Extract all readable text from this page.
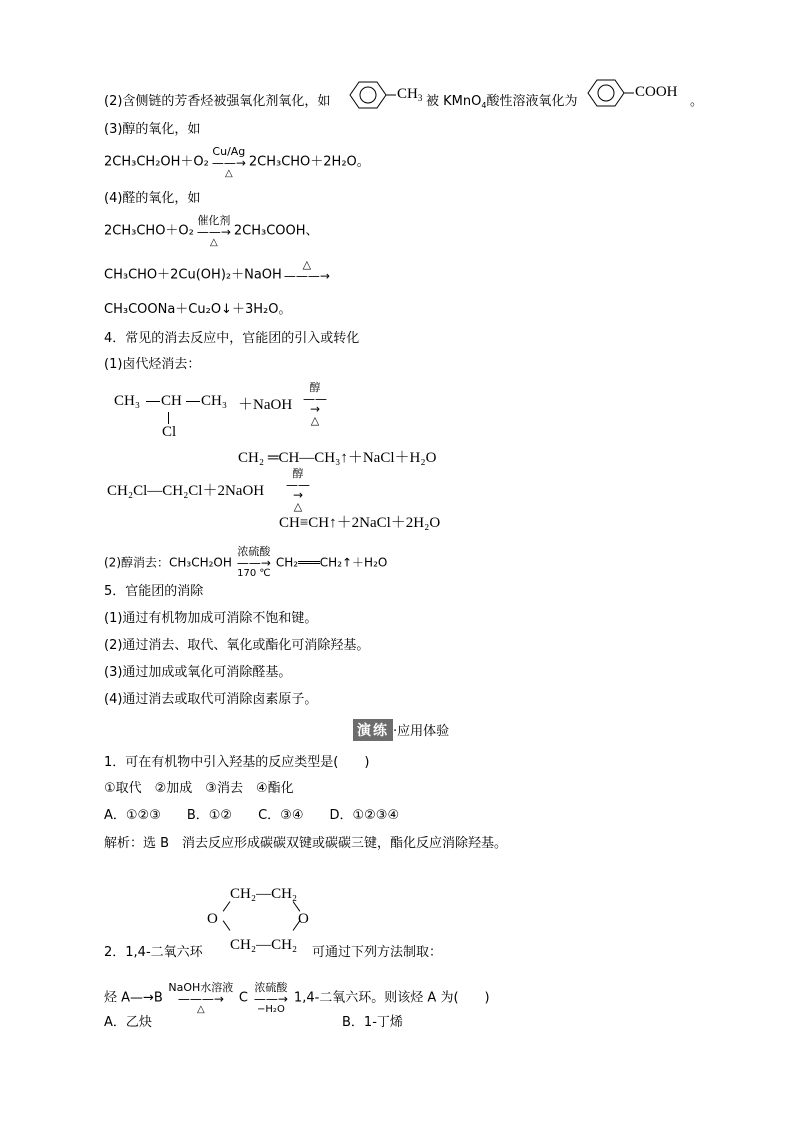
(2)含侧链的芳香烃被强氧化剂氧化，如	$CH_3$ 被 KMnO$_4$酸性溶液氧化为
COOH
。
(3)醇的氧化，如
2CH₃CH₂OH＋O₂
Cu/Ag
——→
△
2CH₃CHO＋2H₂O。
(4)醛的氧化，如
2CH₃CHO＋O₂
催化剂
——→
△
2CH₃COOH、
CH₃CHO＋2Cu(OH)₂＋NaOH
△
———→

CH₃COONa＋Cu₂O↓＋3H₂O。
4．常见的消去反应中，官能团的引入或转化
(1)卤代烃消去：
CH₃ CH CH₃
Cl
＋NaOH
醇
——→
△
CH₂ ═CH—CH₃↑＋NaCl＋H₂O
CH₂Cl—CH₂Cl＋2NaOH
醇
——→
△
CH≡CH↑＋2NaCl＋2H₂O
(2)醇消去：CH₃CH₂OH
浓硫酸
——→
170 ℃
CH₂═══CH₂↑＋H₂O
5．官能团的消除
(1)通过有机物加成可消除不饱和键。
(2)通过消去、取代、氧化或酯化可消除羟基。
(3)通过加成或氧化可消除醛基。
(4)通过消去或取代可消除卤素原子。
演练 ·应用体验
1．可在有机物中引入羟基的反应类型是(　　)
①取代　②加成　③消去　④酯化
A．①②③　　B．①②　　C．③④　　D．①②③④
解析：选 B　消去反应形成碳碳双键或碳碳三键，酯化反应消除羟基。
CH₂—CH₂
O	O
CH₂—CH₂
2．1,4-二氧六环	可通过下列方法制取：
烃 A—→B
NaOH水溶液
———→
△
C
浓硫酸
——→
−H₂O
1,4-二氧六环。则该烃 A 为(　　)
A．乙炔	B．1-丁烯
